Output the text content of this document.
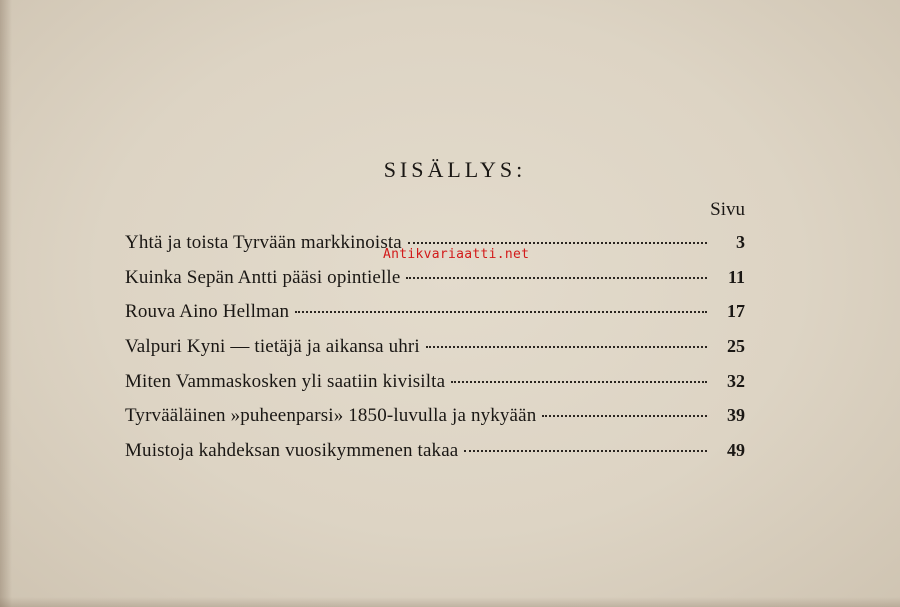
SISÄLLYS:
Sivu
Yhtä ja toista Tyrvään markkinoista	3
Kuinka Sepän Antti pääsi opintielle	11
Rouva Aino Hellman	17
Valpuri Kyni — tietäjä ja aikansa uhri	25
Miten Vammaskosken yli saatiin kivisilta	32
Tyrvääläinen »puheenparsi» 1850-luvulla ja nykyään	39
Muistoja kahdeksan vuosikymmenen takaa	49
Antikvariaatti.net
